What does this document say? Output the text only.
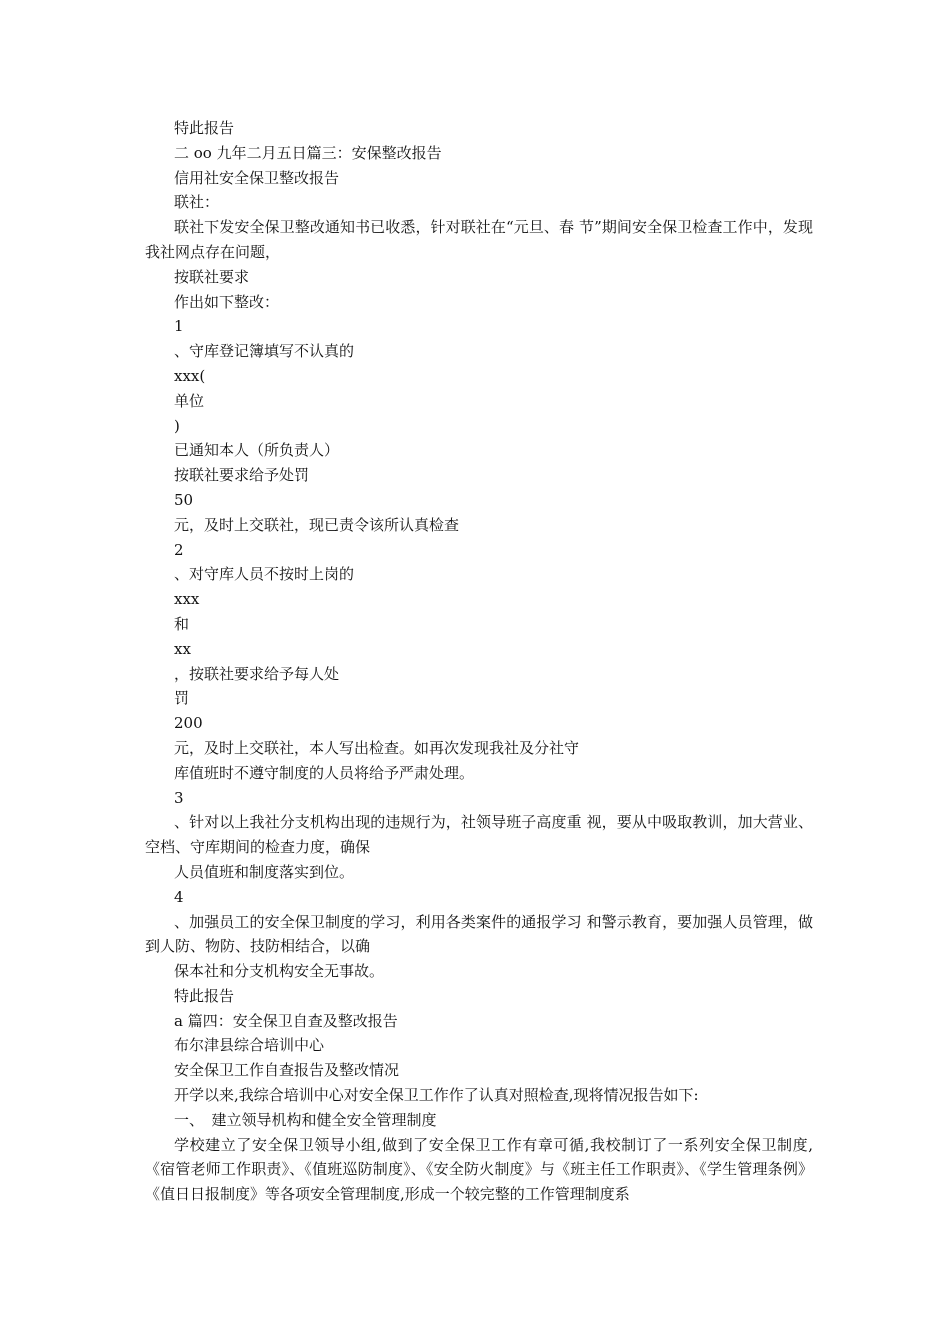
特此报告

二 oo 九年二月五日篇三：安保整改报告

信用社安全保卫整改报告

联社：

联社下发安全保卫整改通知书已收悉，针对联社在“元旦、春 节”期间安全保卫检查工作中，发现我社网点存在问题，

按联社要求

作出如下整改：

1

、守库登记簿填写不认真的

xxx(

单位

)

已通知本人（所负责人）

按联社要求给予处罚

50

元，及时上交联社，现已责令该所认真检查

2

、对守库人员不按时上岗的

xxx

和

xx

，按联社要求给予每人处

罚

200

元，及时上交联社，本人写出检查。如再次发现我社及分社守

库值班时不遵守制度的人员将给予严肃处理。

3

、针对以上我社分支机构出现的违规行为，社领导班子高度重 视，要从中吸取教训，加大营业、空档、守库期间的检查力度，确保

人员值班和制度落实到位。

4

、加强员工的安全保卫制度的学习，利用各类案件的通报学习 和警示教育，要加强人员管理，做到人防、物防、技防相结合，以确

保本社和分支机构安全无事故。

特此报告

a 篇四：安全保卫自查及整改报告

布尔津县综合培训中心

安全保卫工作自查报告及整改情况

开学以来,我综合培训中心对安全保卫工作作了认真对照检查,现将情况报告如下:

一、　建立领导机构和健全安全管理制度

学校建立了安全保卫领导小组,做到了安全保卫工作有章可循,我校制订了一系列安全保卫制度,《宿管老师工作职责》、《值班巡防制度》、《安全防火制度》与《班主任工作职责》、《学生管理条例》《值日日报制度》等各项安全管理制度,形成一个较完整的工作管理制度系
